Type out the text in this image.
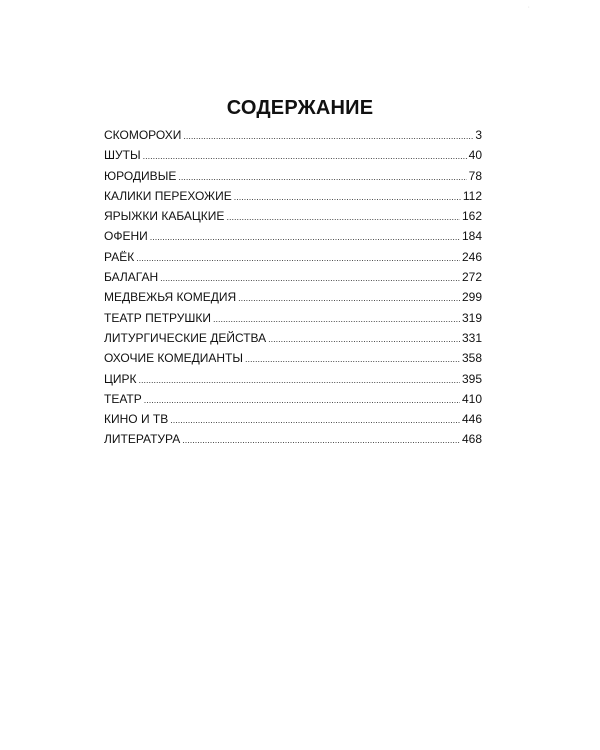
·
СОДЕРЖАНИЕ
СКОМОРОХИ .....	3
ШУТЫ .....	40
ЮРОДИВЫЕ .....	78
КАЛИКИ ПЕРЕХОЖИЕ .....	112
ЯРЫЖКИ КАБАЦКИЕ .....	162
ОФЕНИ .....	184
РАЁК .....	246
БАЛАГАН .....	272
МЕДВЕЖЬЯ КОМЕДИЯ .....	299
ТЕАТР ПЕТРУШКИ .....	319
ЛИТУРГИЧЕСКИЕ ДЕЙСТВА .....	331
ОХОЧИЕ КОМЕДИАНТЫ .....	358
ЦИРК .....	395
ТЕАТР .....	410
КИНО И ТВ .....	446
ЛИТЕРАТУРА .....	468
